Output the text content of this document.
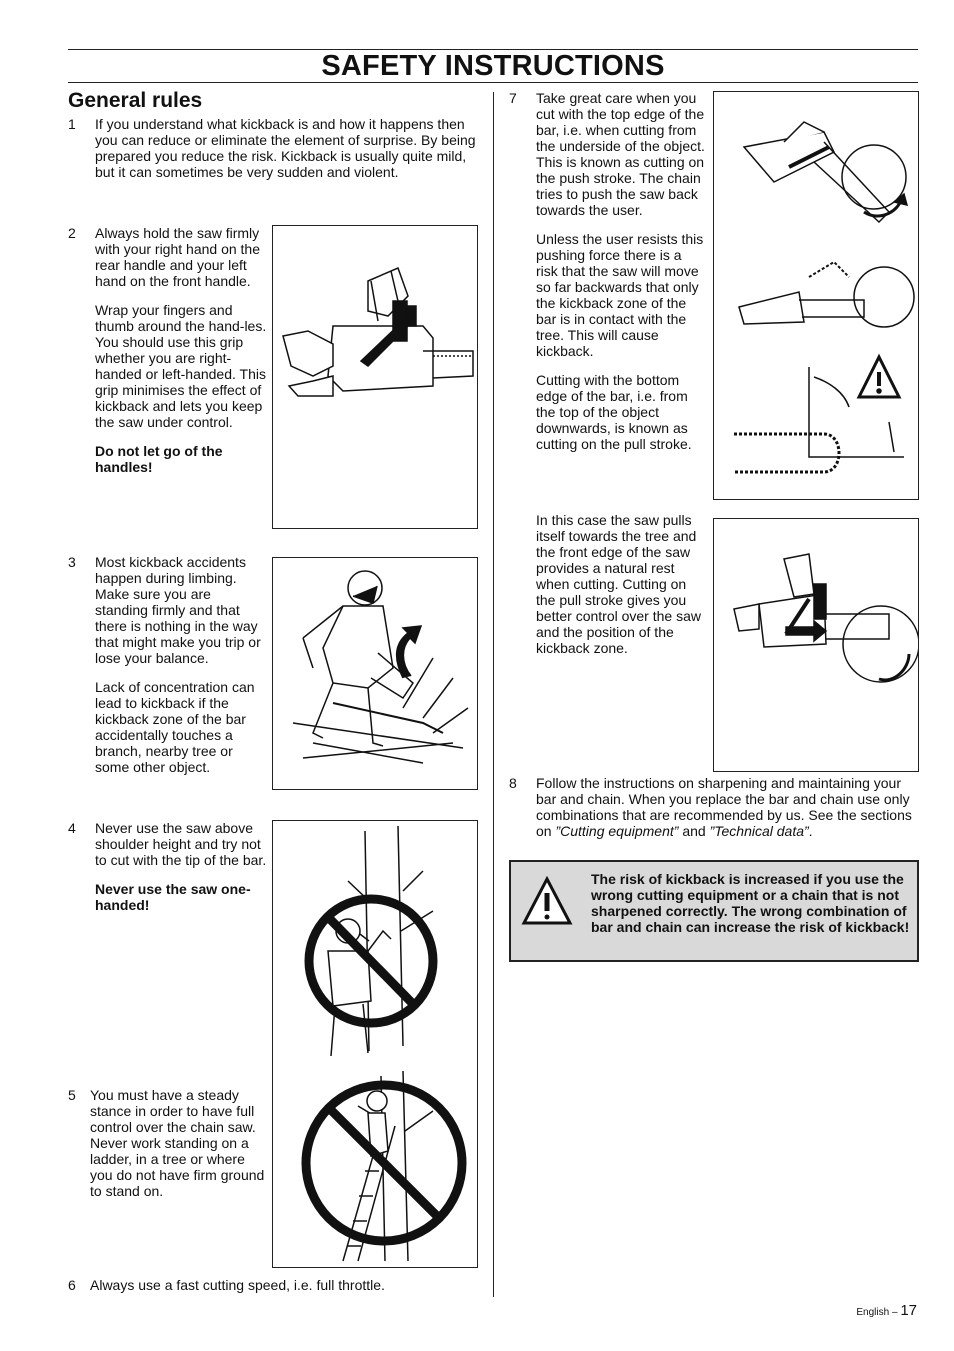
SAFETY INSTRUCTIONS
General rules
1 If you understand what kickback is and how it happens then you can reduce or eliminate the element of surprise. By being prepared you reduce the risk. Kickback is usually quite mild, but it can sometimes be very sudden and violent.
2 Always hold the saw firmly with your right hand on the rear handle and your left hand on the front handle.

Wrap your fingers and thumb around the hand-les. You should use this grip whether you are right-handed or left-handed. This grip minimises the effect of kickback and lets you keep the saw under control.

Do not let go of the handles!

3 Most kickback accidents happen during limbing. Make sure you are standing firmly and that there is nothing in the way that might make you trip or lose your balance.

Lack of concentration can lead to kickback if the kickback zone of the bar accidentally touches a branch, nearby tree or some other object.

4 Never use the saw above shoulder height and try not to cut with the tip of the bar.

Never use the saw one-handed!

5 You must have a steady stance in order to have full control over the chain saw. Never work standing on a ladder, in a tree or where you do not have firm ground to stand on.
6 Always use a fast cutting speed, i.e. full throttle.
7 Take great care when you cut with the top edge of the bar, i.e. when cutting from the underside of the object. This is known as cutting on the push stroke. The chain tries to push the saw back towards the user.

Unless the user resists this pushing force there is a risk that the saw will move so far backwards that only the kickback zone of the bar is in contact with the tree. This will cause kickback.

Cutting with the bottom edge of the bar, i.e. from the top of the object downwards, is known as cutting on the pull stroke.

In this case the saw pulls itself towards the tree and the front edge of the saw provides a natural rest when cutting. Cutting on the pull stroke gives you better control over the saw and the position of the kickback zone.

8 Follow the instructions on sharpening and maintaining your bar and chain. When you replace the bar and chain use only combinations that are recommended by us. See the sections on ”Cutting equipment” and ”Technical data”.
The risk of kickback is increased if you use the wrong cutting equipment or a chain that is not sharpened correctly. The wrong combination of bar and chain can increase the risk of kickback!
English – 17
